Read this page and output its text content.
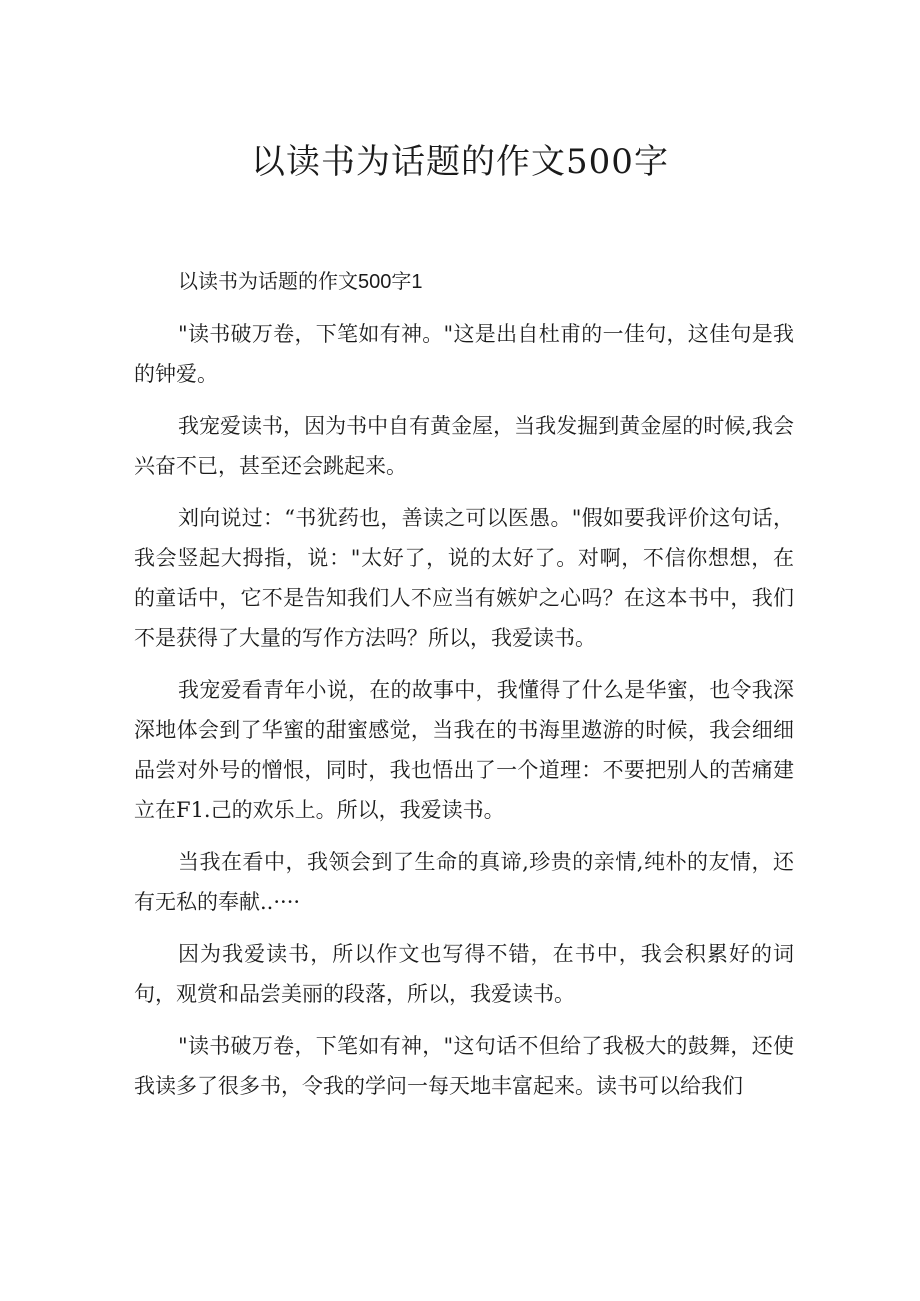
以读书为话题的作文500字

以读书为话题的作文500字1

"读书破万卷，下笔如有神。"这是出自杜甫的一佳句，这佳句是我的钟爱。

我宠爱读书，因为书中自有黄金屋，当我发掘到黄金屋的时候,我会兴奋不已，甚至还会跳起来。

刘向说过：“书犹药也，善读之可以医愚。"假如要我评价这句话，我会竖起大拇指，说："太好了，说的太好了。对啊，不信你想想，在的童话中，它不是告知我们人不应当有嫉妒之心吗？在这本书中，我们不是获得了大量的写作方法吗？所以，我爱读书。

我宠爱看青年小说，在的故事中，我懂得了什么是华蜜，也令我深深地体会到了华蜜的甜蜜感觉，当我在的书海里遨游的时候，我会细细品尝对外号的憎恨，同时，我也悟出了一个道理：不要把别人的苦痛建立在F1.己的欢乐上。所以，我爱读书。

当我在看中，我领会到了生命的真谛,珍贵的亲情,纯朴的友情，还有无私的奉献..····

因为我爱读书，所以作文也写得不错，在书中，我会积累好的词句，观赏和品尝美丽的段落，所以，我爱读书。

"读书破万卷，下笔如有神，"这句话不但给了我极大的鼓舞，还使我读多了很多书，令我的学问一每天地丰富起来。读书可以给我们
